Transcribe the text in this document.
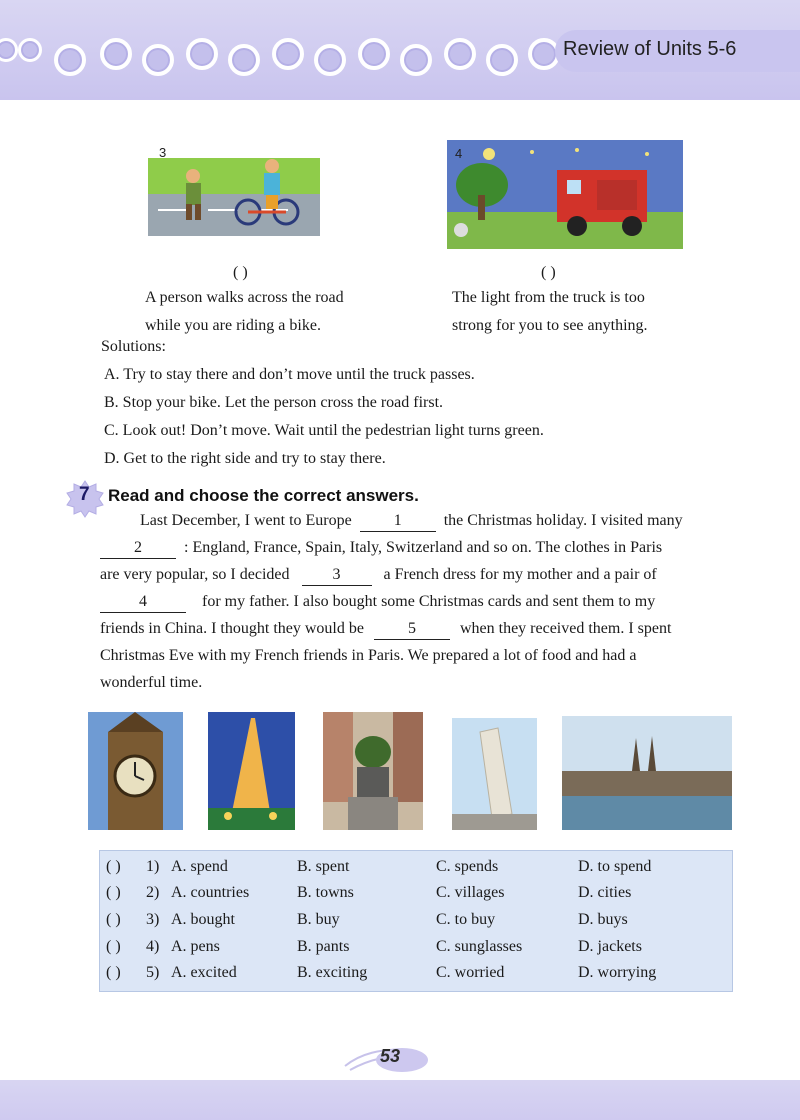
Review of Units 5-6
3	4
( )	( )
A person walks across the road
while you are riding a bike.
The light from the truck is too
strong for you to see anything.
Solutions:
A. Try to stay there and don’t move until the truck passes.
B. Stop your bike. Let the person cross the road first.
C. Look out! Don’t move. Wait until the pedestrian light turns green.
D. Get to the right side and try to stay there.
7 Read and choose the correct answers.
Last December, I went to Europe	1	the Christmas holiday. I visited many
2	: England, France, Spain, Italy, Switzerland and so on. The clothes in Paris
are very popular, so I decided	3	a French dress for my mother and a pair of
4	for my father. I also bought some Christmas cards and sent them to my
friends in China. I thought they would be	5	when they received them. I spent
Christmas Eve with my French friends in Paris. We prepared a lot of food and had a
wonderful time.
( ) 1) A. spend	B. spent	C. spends	D. to spend
( ) 2) A. countries	B. towns	C. villages	D. cities
( ) 3) A. bought	B. buy	C. to buy	D. buys
( ) 4) A. pens	B. pants	C. sunglasses	D. jackets
( ) 5) A. excited	B. exciting	C. worried	D. worrying
53
